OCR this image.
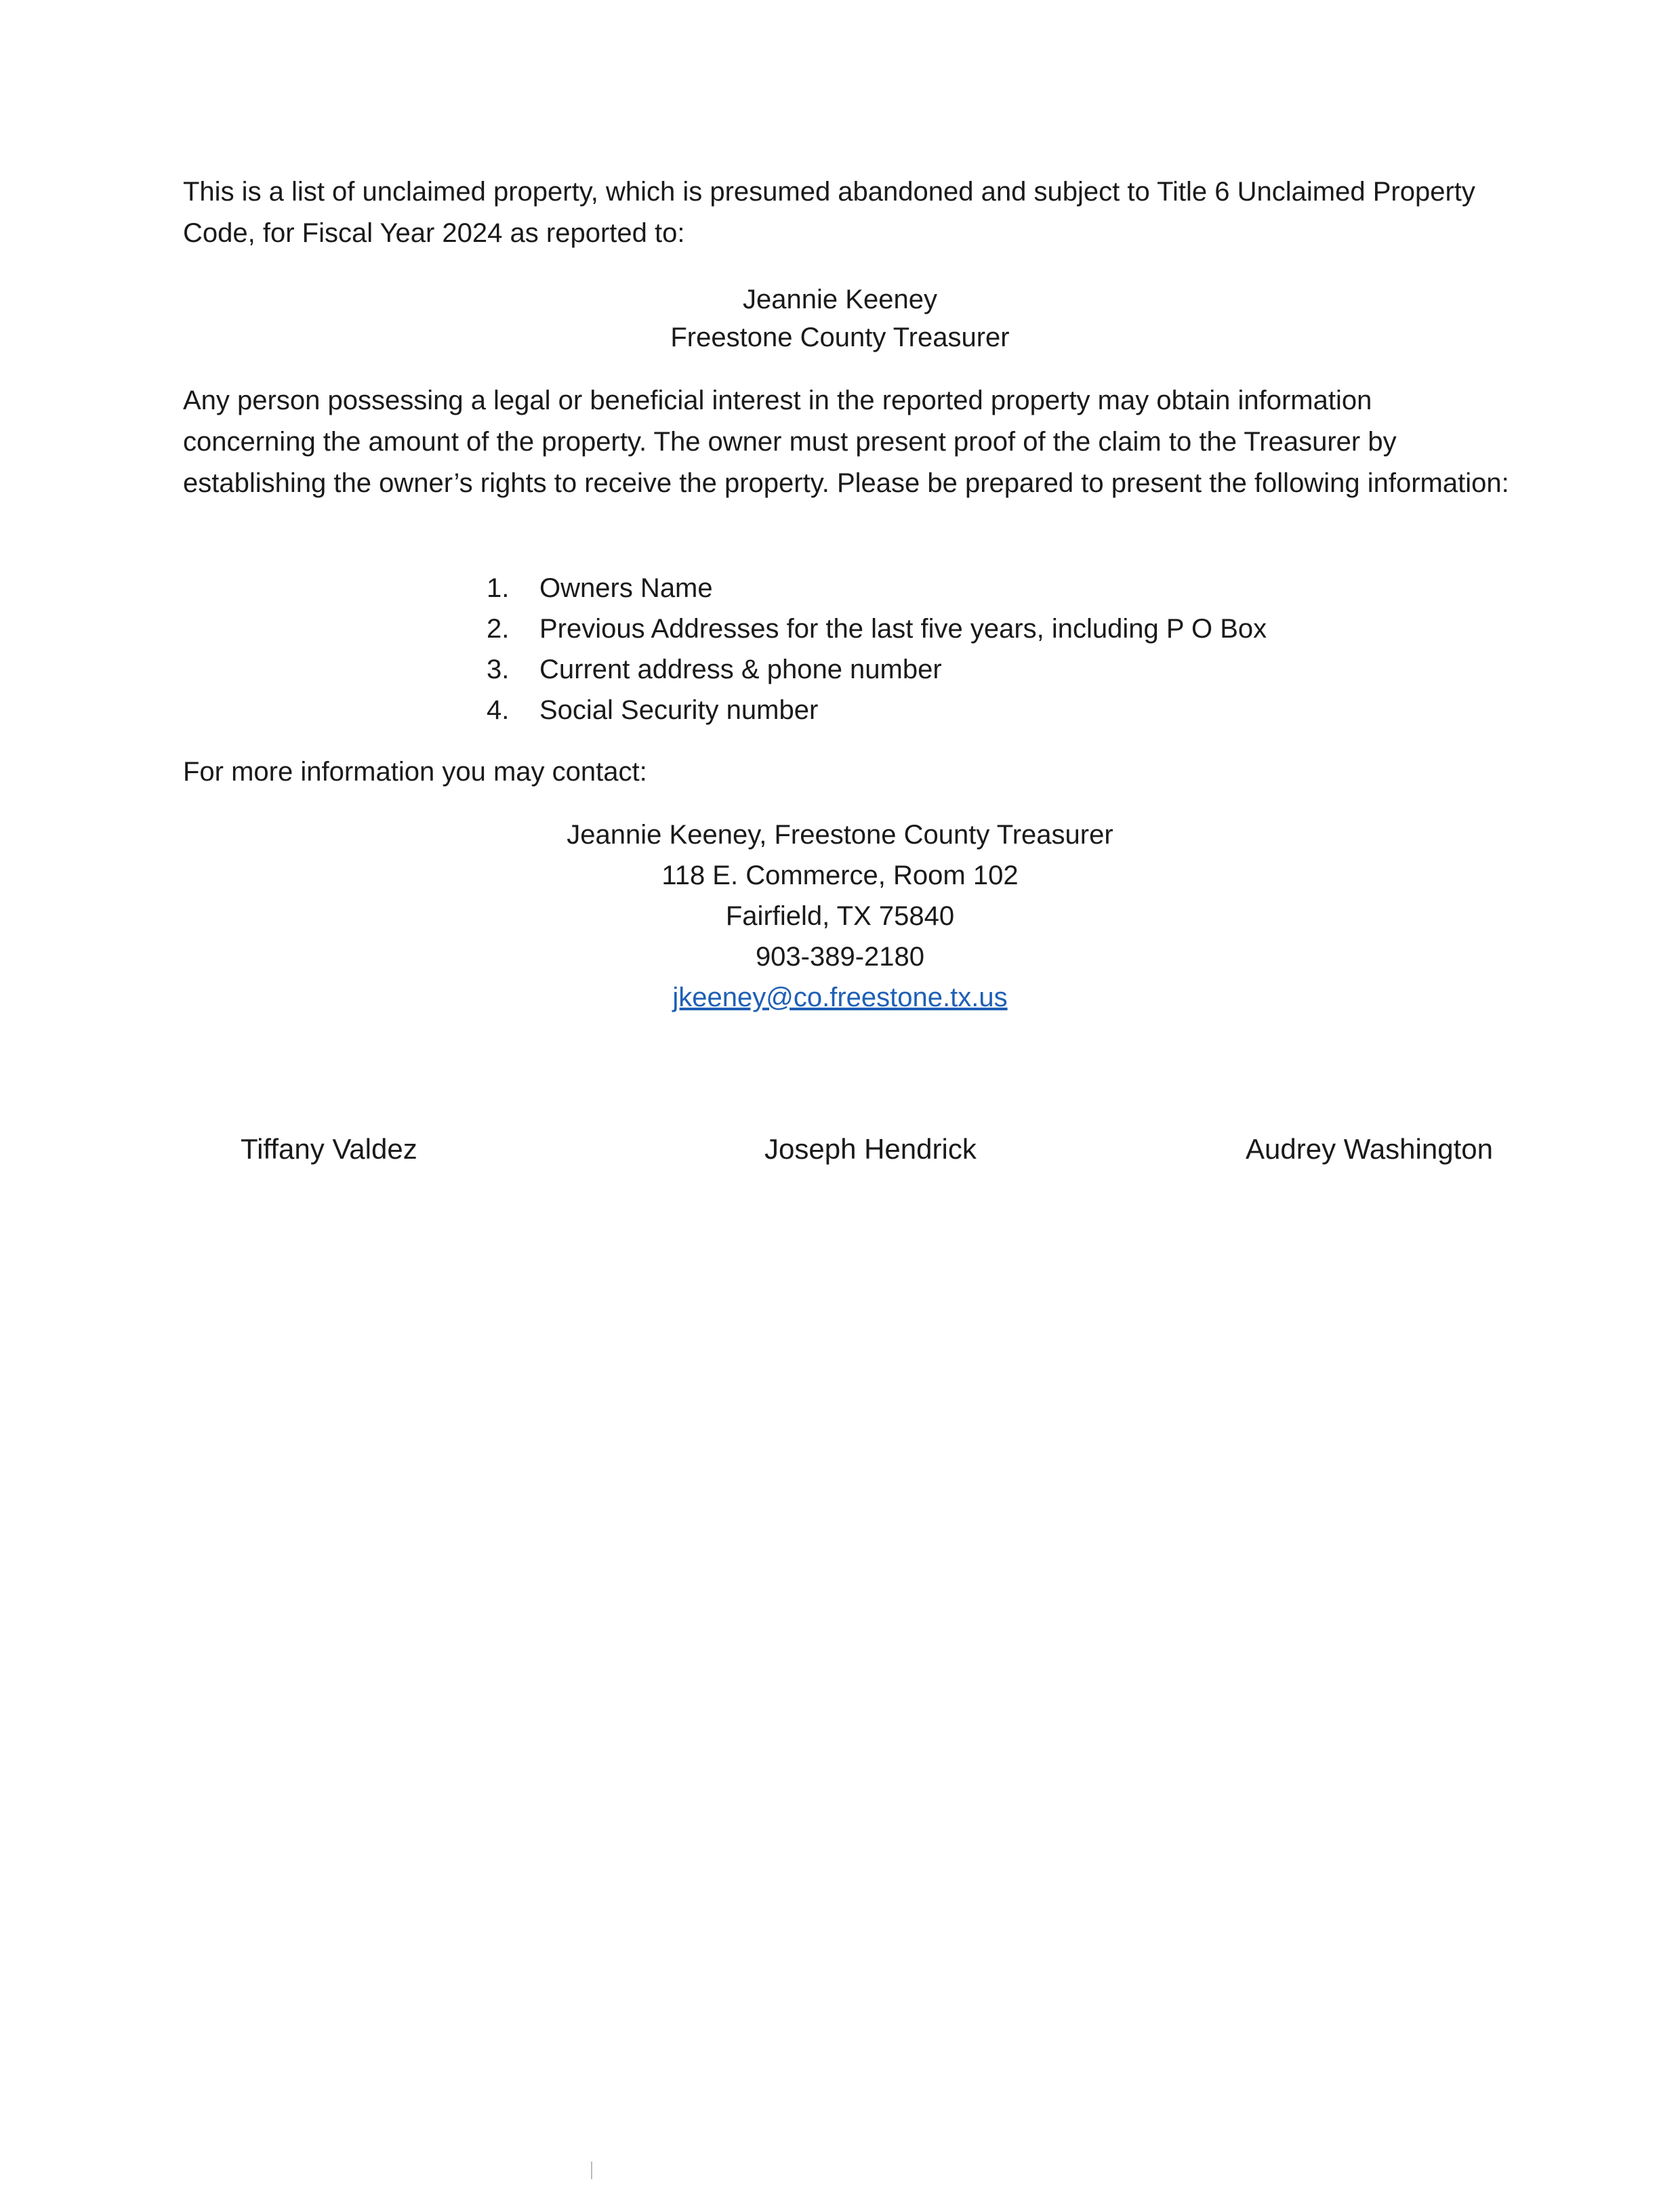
This is a list of unclaimed property, which is presumed abandoned and subject to Title 6 Unclaimed Property Code, for Fiscal Year 2024 as reported to:

Jeannie Keeney
Freestone County Treasurer

Any person possessing a legal or beneficial interest in the reported property may obtain information concerning the amount of the property. The owner must present proof of the claim to the Treasurer by establishing the owner’s rights to receive the property. Please be prepared to present the following information:

1.	Owners Name
2.	Previous Addresses for the last five years, including P O Box
3.	Current address & phone number
4.	Social Security number

For more information you may contact:

Jeannie Keeney, Freestone County Treasurer
118 E. Commerce, Room 102
Fairfield, TX 75840
903-389-2180
jkeeney@co.freestone.tx.us
Tiffany Valdez	Joseph Hendrick	Audrey Washington
